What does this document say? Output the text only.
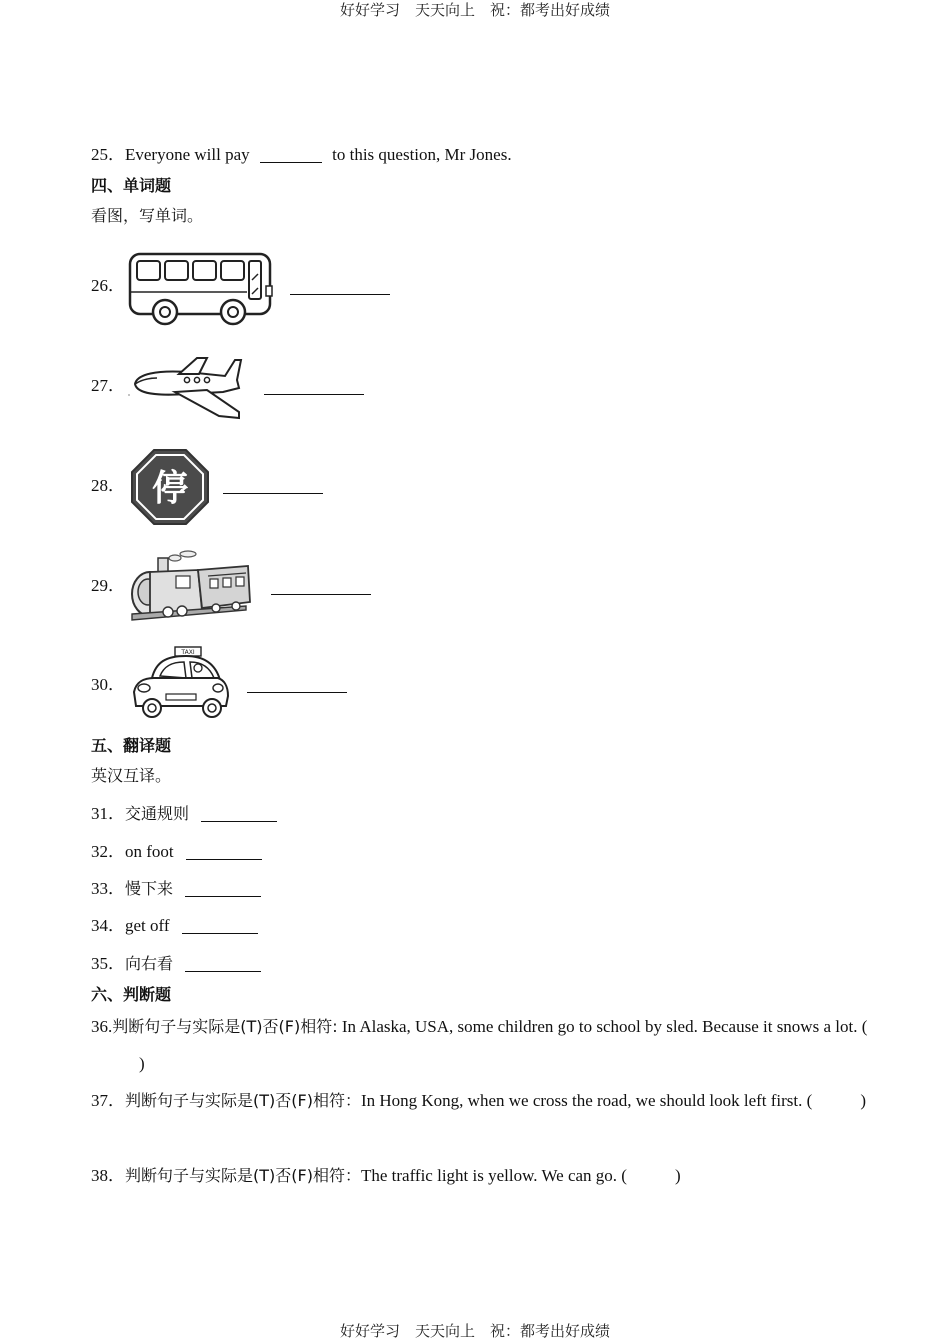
好好学习　天天向上　祝：都考出好成绩
25．Everyone will pay	to this question, Mr Jones.
四、单词题
看图，写单词。
26．
27．
28． 停
29．
30．
TAXI
五、翻译题
英汉互译。
31．交通规则
32．on foot
33．慢下来
34．get off
35．向右看
六、判断题
36.判断句子与实际是(T)否(F)相符: In Alaska, USA, some children go to school by sled. Because it snows a lot. ()
37．判断句子与实际是(T)否(F)相符：In Hong Kong, when we cross the road, we should look left first. (	)
38．判断句子与实际是(T)否(F)相符：The traffic light is yellow. We can go. (	)
好好学习　天天向上　祝：都考出好成绩
